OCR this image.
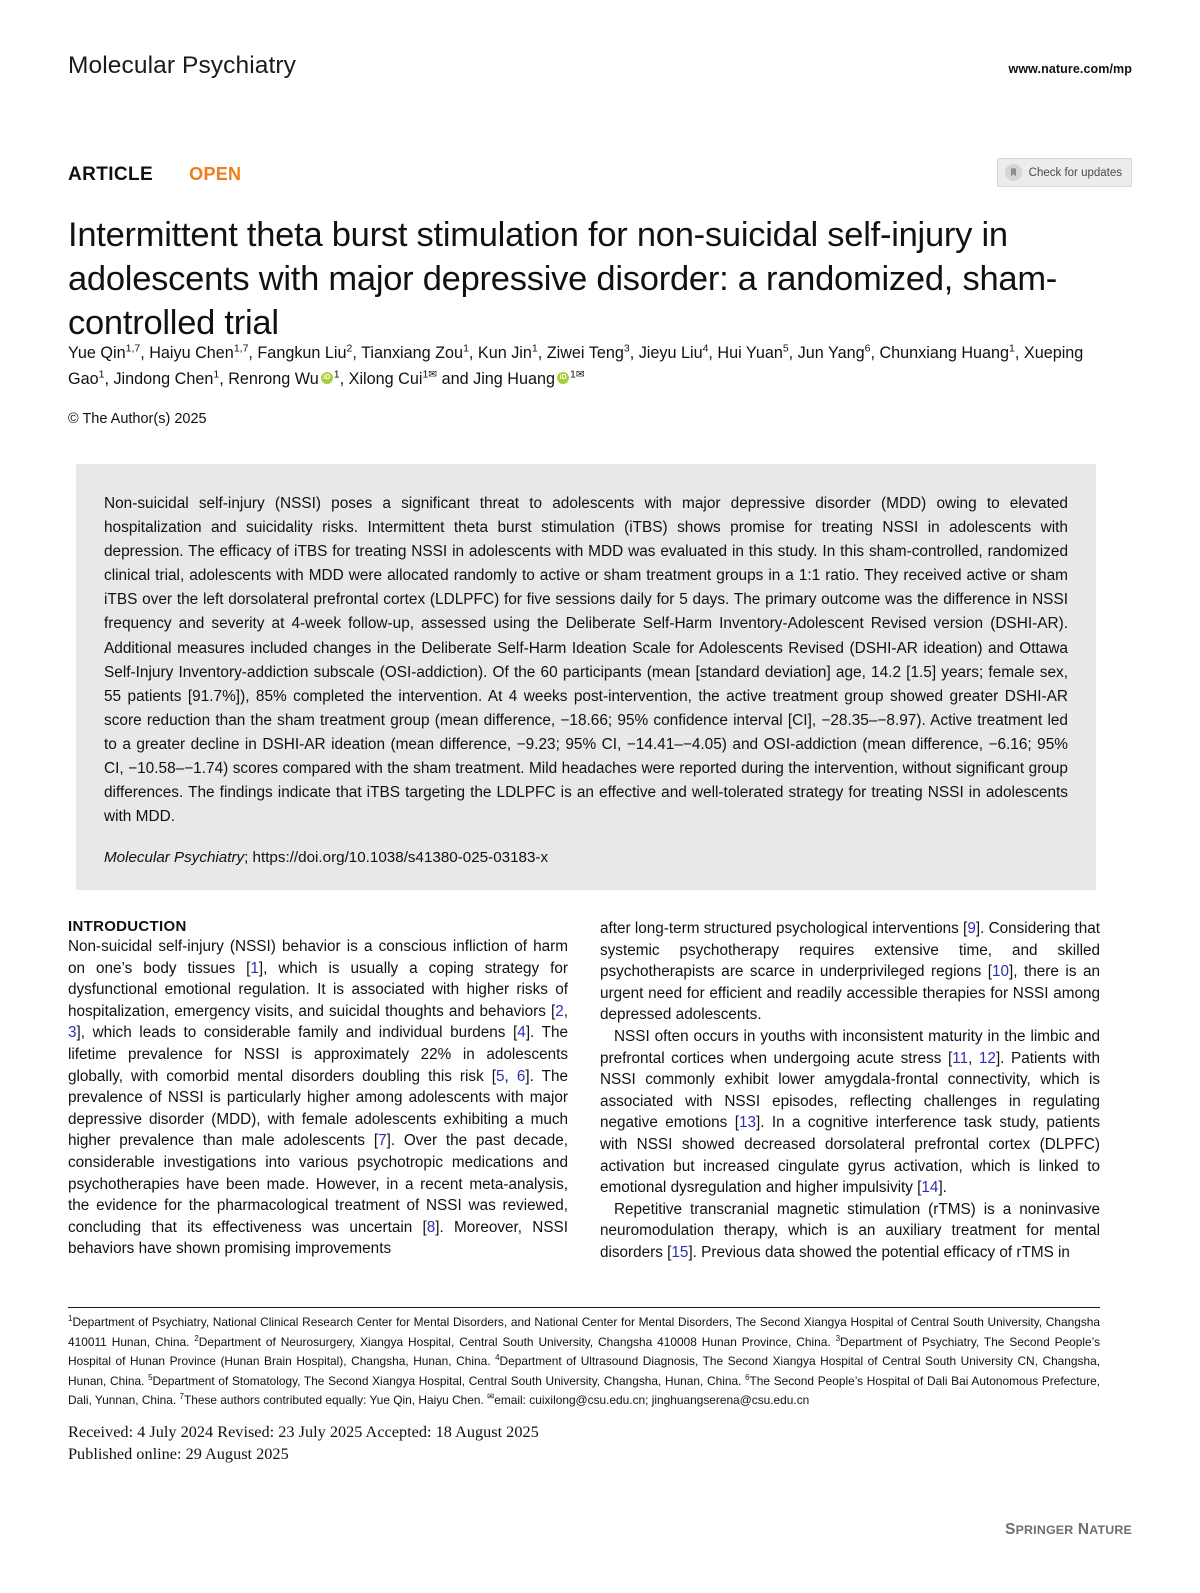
Molecular Psychiatry	www.nature.com/mp
ARTICLE OPEN	Check for updates
Intermittent theta burst stimulation for non-suicidal self-injury in adolescents with major depressive disorder: a randomized, sham-controlled trial
Yue Qin$^{1,7}$, Haiyu Chen$^{1,7}$, Fangkun Liu$^2$, Tianxiang Zou$^1$, Kun Jin$^1$, Ziwei Teng$^3$, Jieyu Liu$^4$, Hui Yuan$^5$, Jun Yang$^6$, Chunxiang Huang$^1$, Xueping Gao$^1$, Jindong Chen$^1$, Renrong Wu iD $^1$, Xilong Cui$^{1✉}$ and Jing Huang iD $^{1✉}$
© The Author(s) 2025

Non-suicidal self-injury (NSSI) poses a significant threat to adolescents with major depressive disorder (MDD) owing to elevated hospitalization and suicidality risks. Intermittent theta burst stimulation (iTBS) shows promise for treating NSSI in adolescents with depression. The efficacy of iTBS for treating NSSI in adolescents with MDD was evaluated in this study. In this sham-controlled, randomized clinical trial, adolescents with MDD were allocated randomly to active or sham treatment groups in a 1:1 ratio. They received active or sham iTBS over the left dorsolateral prefrontal cortex (LDLPFC) for five sessions daily for 5 days. The primary outcome was the difference in NSSI frequency and severity at 4-week follow-up, assessed using the Deliberate Self-Harm Inventory-Adolescent Revised version (DSHI-AR). Additional measures included changes in the Deliberate Self-Harm Ideation Scale for Adolescents Revised (DSHI-AR ideation) and Ottawa Self-Injury Inventory-addiction subscale (OSI-addiction). Of the 60 participants (mean [standard deviation] age, 14.2 [1.5] years; female sex, 55 patients [91.7%]), 85% completed the intervention. At 4 weeks post-intervention, the active treatment group showed greater DSHI-AR score reduction than the sham treatment group (mean difference, −18.66; 95% confidence interval [CI], −28.35–−8.97). Active treatment led to a greater decline in DSHI-AR ideation (mean difference, −9.23; 95% CI, −14.41–−4.05) and OSI-addiction (mean difference, −6.16; 95% CI, −10.58–−1.74) scores compared with the sham treatment. Mild headaches were reported during the intervention, without significant group differences. The findings indicate that iTBS targeting the LDLPFC is an effective and well-tolerated strategy for treating NSSI in adolescents with MDD.

Molecular Psychiatry; https://doi.org/10.1038/s41380-025-03183-x

INTRODUCTION

Non-suicidal self-injury (NSSI) behavior is a conscious infliction of harm on one’s body tissues [1], which is usually a coping strategy for dysfunctional emotional regulation. It is associated with higher risks of hospitalization, emergency visits, and suicidal thoughts and behaviors [2, 3], which leads to considerable family and individual burdens [4]. The lifetime prevalence for NSSI is approximately 22% in adolescents globally, with comorbid mental disorders doubling this risk [5, 6]. The prevalence of NSSI is particularly higher among adolescents with major depressive disorder (MDD), with female adolescents exhibiting a much higher prevalence than male adolescents [7]. Over the past decade, considerable investigations into various psychotropic medications and psychotherapies have been made. However, in a recent meta-analysis, the evidence for the pharmacological treatment of NSSI was reviewed, concluding that its effectiveness was uncertain [8]. Moreover, NSSI behaviors have shown promising improvements

after long-term structured psychological interventions [9]. Considering that systemic psychotherapy requires extensive time, and skilled psychotherapists are scarce in underprivileged regions [10], there is an urgent need for efficient and readily accessible therapies for NSSI among depressed adolescents.

NSSI often occurs in youths with inconsistent maturity in the limbic and prefrontal cortices when undergoing acute stress [11, 12]. Patients with NSSI commonly exhibit lower amygdala-frontal connectivity, which is associated with NSSI episodes, reflecting challenges in regulating negative emotions [13]. In a cognitive interference task study, patients with NSSI showed decreased dorsolateral prefrontal cortex (DLPFC) activation but increased cingulate gyrus activation, which is linked to emotional dysregulation and higher impulsivity [14].

Repetitive transcranial magnetic stimulation (rTMS) is a noninvasive neuromodulation therapy, which is an auxiliary treatment for mental disorders [15]. Previous data showed the potential efficacy of rTMS in

$^1$Department of Psychiatry, National Clinical Research Center for Mental Disorders, and National Center for Mental Disorders, The Second Xiangya Hospital of Central South University, Changsha 410011 Hunan, China. $^2$Department of Neurosurgery, Xiangya Hospital, Central South University, Changsha 410008 Hunan Province, China. $^3$Department of Psychiatry, The Second People’s Hospital of Hunan Province (Hunan Brain Hospital), Changsha, Hunan, China. $^4$Department of Ultrasound Diagnosis, The Second Xiangya Hospital of Central South University CN, Changsha, Hunan, China. $^5$Department of Stomatology, The Second Xiangya Hospital, Central South University, Changsha, Hunan, China. $^6$The Second People’s Hospital of Dali Bai Autonomous Prefecture, Dali, Yunnan, China. $^7$These authors contributed equally: Yue Qin, Haiyu Chen. ✉email: cuixilong@csu.edu.cn; jinghuangserena@csu.edu.cn
Received: 4 July 2024 Revised: 23 July 2025 Accepted: 18 August 2025
Published online: 29 August 2025
SPRINGER NATURE
